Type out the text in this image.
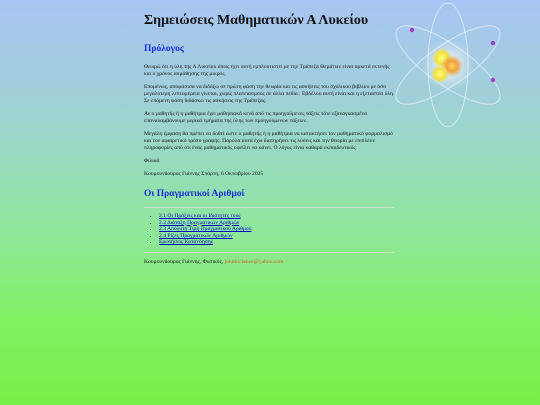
Σημειώσεις Μαθηματικών Α Λυκείου
Πρόλογος

Θεωρώ ότι η ύλη της Α Λυκείου όπως έχει αυτή εμπλουτιστεί με την Τράπεζα Θεμάτων είναι αρκετά εκτενής και ο χρόνος ακμάθησης της μικρός.

Επομένως, αποφάσισα να διδάξω σε πρώτη φάση την θεωρία και τις ασκήσεις του σχολικού βιβλίου με όσο μεγαλύτερη λεπτομέρεια γίνεται, χωρίς πλατειασμούς σε άλλα πεδία . Εβδέλου αυτή είναι και η εξεταστέα ύλη. Σε επόμενη φάση διδάσκω τις ασκήσεις της Τράπεζας.

Αν ο μαθητής ή η μαθήτρια έχει μαθησιακά κενά από τις προηγούμενες τάξεις τότε εξαναγκασμένα επαναλαμβάνουμε μερικά τμήματα της ύλης των προηγούμενων τάξεων.

Μεγάλη έμφαση θα πρέπει να δοθεί ώστε ο μαθητής ή η μαθήτρια να κατακτήσει τον μαθηματικό φορμαλισμό και τον αφαιρετικό τρόπο γραφής. Παρόλα αυτά έχω διατηρήσει τις λύσεις και την θεωρία με επιπλέον πληροφορίες από ότι ένας μαθηματικός οφείλει να κάνει. Ο λόγος είναι καθαρά εκπαιδευτικός.

Φιλικά

Κουμουνδούρος Γιάννης Σπάρτη, 6 Οκτωβρίου 2025

Οι Πραγματικοί Αριθμοί
• 2.1 Οι Πράξεις και οι Ιδιότητές τους
• 2.2 Διάταξη Πραγματικών Αριθμών
• 2.3 Απόλυτη Τιμή Πραγματικού Αριθμού
• 2.4 Ρίζες Πραγματικών Αριθμών
• Ερωτήσεις Κατανόησης
Κουμουνδούρος Γιάννης, Φυσικός, johnkscience@yahoo.com
